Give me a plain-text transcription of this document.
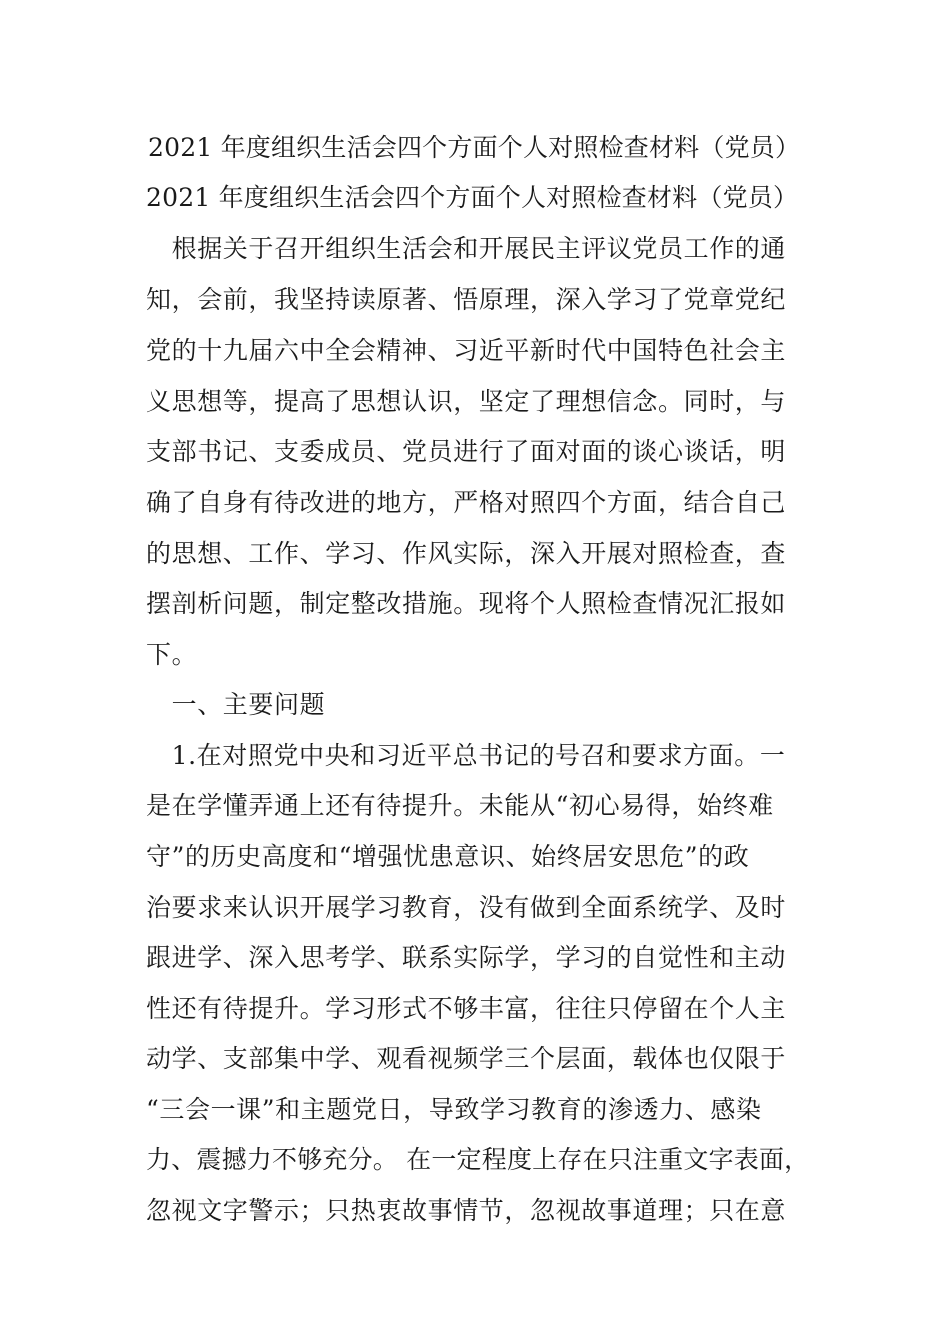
2021 年度组织生活会四个方面个人对照检查材料（党员）
2021 年度组织生活会四个方面个人对照检查材料（党员）
　根据关于召开组织生活会和开展民主评议党员工作的通
知，会前，我坚持读原著、悟原理，深入学习了党章党纪
党的十九届六中全会精神、习近平新时代中国特色社会主
义思想等，提高了思想认识，坚定了理想信念。同时，与
支部书记、支委成员、党员进行了面对面的谈心谈话，明
确了自身有待改进的地方，严格对照四个方面，结合自己
的思想、工作、学习、作风实际，深入开展对照检查，查
摆剖析问题，制定整改措施。现将个人照检查情况汇报如
下。
　一、主要问题
　1.在对照党中央和习近平总书记的号召和要求方面。一
是在学懂弄通上还有待提升。未能从“初心易得，始终难
守”的历史高度和“增强忧患意识、始终居安思危”的政
治要求来认识开展学习教育，没有做到全面系统学、及时
跟进学、深入思考学、联系实际学，学习的自觉性和主动
性还有待提升。学习形式不够丰富，往往只停留在个人主
动学、支部集中学、观看视频学三个层面，载体也仅限于
“三会一课”和主题党日，导致学习教育的渗透力、感染
力、震撼力不够充分。 在一定程度上存在只注重文字表面，
忽视文字警示；只热衷故事情节，忽视故事道理；只在意
